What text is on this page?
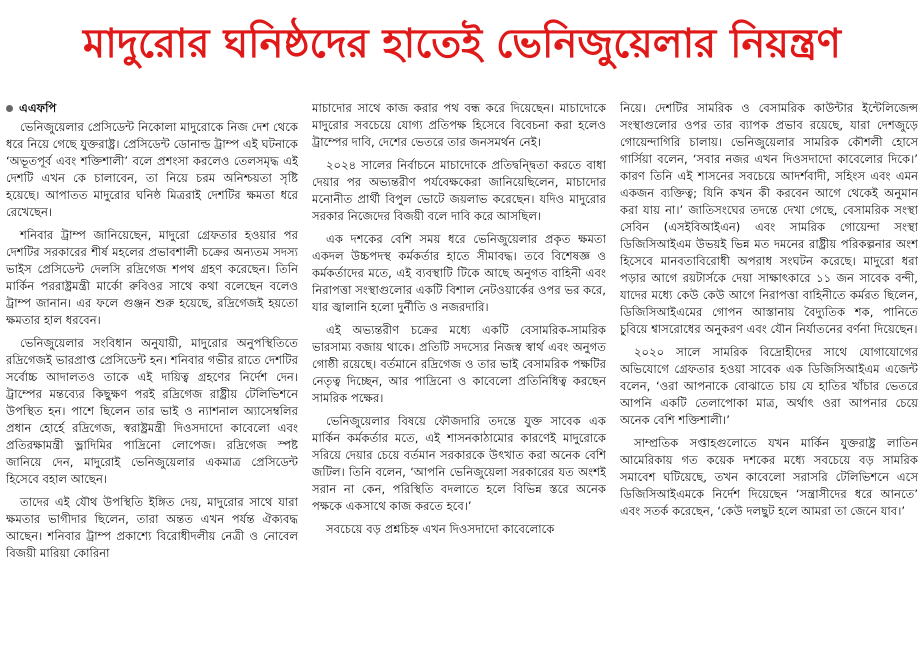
মাদুরোর ঘনিষ্ঠদের হাতেই ভেনিজুয়েলার নিয়ন্ত্রণ
এএফপি

ভেনিজুয়েলার প্রেসিডেন্ট নিকোলা মাদুরোকে নিজ দেশ থেকে ধরে নিয়ে গেছে যুক্তরাষ্ট্র। প্রেসিডেন্ট ডোনাল্ড ট্রাম্প এই ঘটনাকে ‘অভূতপূর্ব এবং শক্তিশালী’ বলে প্রশংসা করলেও তেলসমৃদ্ধ এই দেশটি এখন কে চালাবেন, তা নিয়ে চরম অনিশ্চয়তা সৃষ্টি হয়েছে। আপাতত মাদুরোর ঘনিষ্ঠ মিত্ররাই দেশটির ক্ষমতা ধরে রেখেছেন।

শনিবার ট্রাম্প জানিয়েছেন, মাদুরো গ্রেফতার হওয়ার পর দেশটির সরকারের শীর্ষ মহলের প্রভাবশালী চক্রের অন্যতম সদস্য ভাইস প্রেসিডেন্ট দেলসি রদ্রিগেজ শপথ গ্রহণ করেছেন। তিনি মার্কিন পররাষ্ট্রমন্ত্রী মার্কো রুবিওর সাথে কথা বলেছেন বলেও ট্রাম্প জানান। এর ফলে গুঞ্জন শুরু হয়েছে, রদ্রিগেজই হয়তো ক্ষমতার হাল ধরবেন।

ভেনিজুয়েলার সংবিধান অনুযায়ী, মাদুরোর অনুপস্থিতিতে রদ্রিগেজই ভারপ্রাপ্ত প্রেসিডেন্ট হন। শনিবার গভীর রাতে দেশটির সর্বোচ্চ আদালতও তাকে এই দায়িত্ব গ্রহণের নির্দেশ দেন। ট্রাম্পের মন্তব্যের কিছুক্ষণ পরই রদ্রিগেজ রাষ্ট্রীয় টেলিভিশনে উপস্থিত হন। পাশে ছিলেন তার ভাই ও ন্যাশনাল অ্যাসেম্বলির প্রধান হোর্হে রদ্রিগেজ, স্বরাষ্ট্রমন্ত্রী দিওসদাদো কাবেলো এবং প্রতিরক্ষামন্ত্রী ভ্লাদিমির পাদ্রিনো লোপেজ। রদ্রিগেজ স্পষ্ট জানিয়ে দেন, মাদুরোই ভেনিজুয়েলার একমাত্র প্রেসিডেন্ট হিসেবে বহাল আছেন।

তাদের এই যৌথ উপস্থিতি ইঙ্গিত দেয়, মাদুরোর সাথে যারা ক্ষমতার ভাগীদার ছিলেন, তারা অন্তত এখন পর্যন্ত ঐক্যবদ্ধ আছেন। শনিবার ট্রাম্প প্রকাশ্যে বিরোধীদলীয় নেত্রী ও নোবেল বিজয়ী মারিয়া কোরিনা

মাচাদোর সাথে কাজ করার পথ বন্ধ করে দিয়েছেন। মাচাদোকে মাদুরোর সবচেয়ে যোগ্য প্রতিপক্ষ হিসেবে বিবেচনা করা হলেও ট্রাম্পের দাবি, দেশের ভেতরে তার জনসমর্থন নেই।

২০২৪ সালের নির্বাচনে মাচাদোকে প্রতিদ্বন্দ্বিতা করতে বাধা দেয়ার পর অভ্যন্তরীণ পর্যবেক্ষকেরা জানিয়েছিলেন, মাচাদোর মনোনীত প্রার্থী বিপুল ভোটে জয়লাভ করেছেন। যদিও মাদুরোর সরকার নিজেদের বিজয়ী বলে দাবি করে আসছিল।

এক দশকের বেশি সময় ধরে ভেনিজুয়েলার প্রকৃত ক্ষমতা একদল উচ্চপদস্থ কর্মকর্তার হাতে সীমাবদ্ধ। তবে বিশেষজ্ঞ ও কর্মকর্তাদের মতে, এই ব্যবস্থাটি টিকে আছে অনুগত বাহিনী এবং নিরাপত্তা সংস্থাগুলোর একটি বিশাল নেটওয়ার্কের ওপর ভর করে, যার জ্বালানি হলো দুর্নীতি ও নজরদারি।

এই অভ্যন্তরীণ চক্রের মধ্যে একটি বেসামরিক-সামরিক ভারসাম্য বজায় থাকে। প্রতিটি সদস্যের নিজস্ব স্বার্থ এবং অনুগত গোষ্ঠী রয়েছে। বর্তমানে রদ্রিগেজ ও তার ভাই বেসামরিক পক্ষটির নেতৃত্ব দিচ্ছেন, আর পাদ্রিনো ও কাবেলো প্রতিনিধিত্ব করছেন সামরিক পক্ষের।

ভেনিজুয়েলার বিষয়ে ফৌজদারি তদন্তে যুক্ত সাবেক এক মার্কিন কর্মকর্তার মতে, এই শাসনকাঠামোর কারণেই মাদুরোকে সরিয়ে দেয়ার চেয়ে বর্তমান সরকারকে উৎখাত করা অনেক বেশি জটিল। তিনি বলেন, ‘আপনি ভেনিজুয়েলা সরকারের যত অংশই সরান না কেন, পরিস্থিতি বদলাতে হলে বিভিন্ন স্তরে অনেক পক্ষকে একসাথে কাজ করতে হবে।’

সবচেয়ে বড় প্রশ্নচিহ্ন এখন দিওসদাদো কাবেলোকে

নিয়ে। দেশটির সামরিক ও বেসামরিক কাউন্টার ইন্টেলিজেন্স সংস্থাগুলোর ওপর তার ব্যাপক প্রভাব রয়েছে, যারা দেশজুড়ে গোয়েন্দাগিরি চালায়। ভেনিজুয়েলার সামরিক কৌশলী হোসে গার্সিয়া বলেন, ‘সবার নজর এখন দিওসদাদো কাবেলোর দিকে।’ কারণ তিনি এই শাসনের সবচেয়ে আদর্শবাদী, সহিংস এবং এমন একজন ব্যক্তিত্ব; যিনি কখন কী করবেন আগে থেকেই অনুমান করা যায় না।’ জাতিসংঘের তদন্তে দেখা গেছে, বেসামরিক সংস্থা সেবিন (এসইবিআইএন) এবং সামরিক গোয়েন্দা সংস্থা ডিজিসিআইএম উভয়ই ভিন্ন মত দমনের রাষ্ট্রীয় পরিকল্পনার অংশ হিসেবে মানবতাবিরোধী অপরাধ সংঘটন করেছে। মাদুরো ধরা পড়ার আগে রয়টার্সকে দেয়া সাক্ষাৎকারে ১১ জন সাবেক বন্দী, যাদের মধ্যে কেউ কেউ আগে নিরাপত্তা বাহিনীতে কর্মরত ছিলেন, ডিজিসিআইএমের গোপন আস্তানায় বৈদ্যুতিক শক, পানিতে চুবিয়ে শ্বাসরোধের অনুকরণ এবং যৌন নির্যাতনের বর্ণনা দিয়েছেন।

২০২০ সালে সামরিক বিদ্রোহীদের সাথে যোগাযোগের অভিযোগে গ্রেফতার হওয়া সাবেক এক ডিজিসিআইএম এজেন্ট বলেন, ‘ওরা আপনাকে বোঝাতে চায় যে হাতির খাঁচার ভেতরে আপনি একটি তেলাপোকা মাত্র, অর্থাৎ ওরা আপনার চেয়ে অনেক বেশি শক্তিশালী।’

সাম্প্রতিক সপ্তাহগুলোতে যখন মার্কিন যুক্তরাষ্ট্র লাতিন আমেরিকায় গত কয়েক দশকের মধ্যে সবচেয়ে বড় সামরিক সমাবেশ ঘটিয়েছে, তখন কাবেলো সরাসরি টেলিভিশনে এসে ডিজিসিআইএমকে নির্দেশ দিয়েছেন ‘সন্ত্রাসীদের ধরে আনতে’ এবং সতর্ক করেছেন, ‘কেউ দলছুট হলে আমরা তা জেনে যাব।’
